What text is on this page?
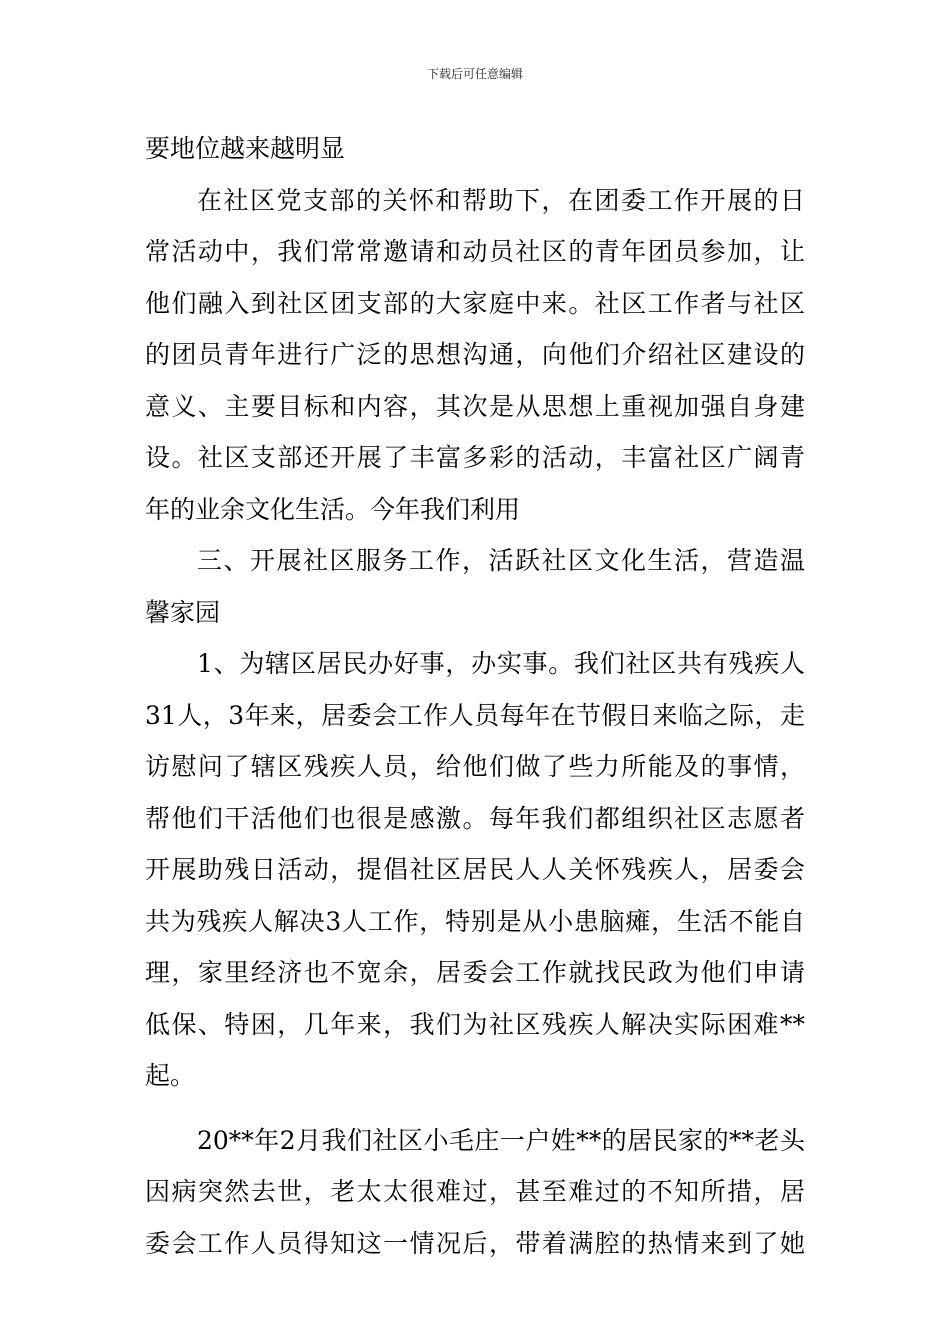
下载后可任意编辑
要地位越来越明显
在社区党支部的关怀和帮助下，在团委工作开展的日
常活动中，我们常常邀请和动员社区的青年团员参加，让
他们融入到社区团支部的大家庭中来。社区工作者与社区
的团员青年进行广泛的思想沟通，向他们介绍社区建设的
意义、主要目标和内容，其次是从思想上重视加强自身建
设。社区支部还开展了丰富多彩的活动，丰富社区广阔青
年的业余文化生活。今年我们利用
三、开展社区服务工作，活跃社区文化生活，营造温
馨家园
1、为辖区居民办好事，办实事。我们社区共有残疾人
31人，3年来，居委会工作人员每年在节假日来临之际，走
访慰问了辖区残疾人员，给他们做了些力所能及的事情，
帮他们干活他们也很是感激。每年我们都组织社区志愿者
开展助残日活动，提倡社区居民人人关怀残疾人，居委会
共为残疾人解决3人工作，特别是从小患脑瘫，生活不能自
理，家里经济也不宽余，居委会工作就找民政为他们申请
低保、特困，几年来，我们为社区残疾人解决实际困难**
起。
20**年2月我们社区小毛庄一户姓**的居民家的**老头
因病突然去世，老太太很难过，甚至难过的不知所措，居
委会工作人员得知这一情况后，带着满腔的热情来到了她
